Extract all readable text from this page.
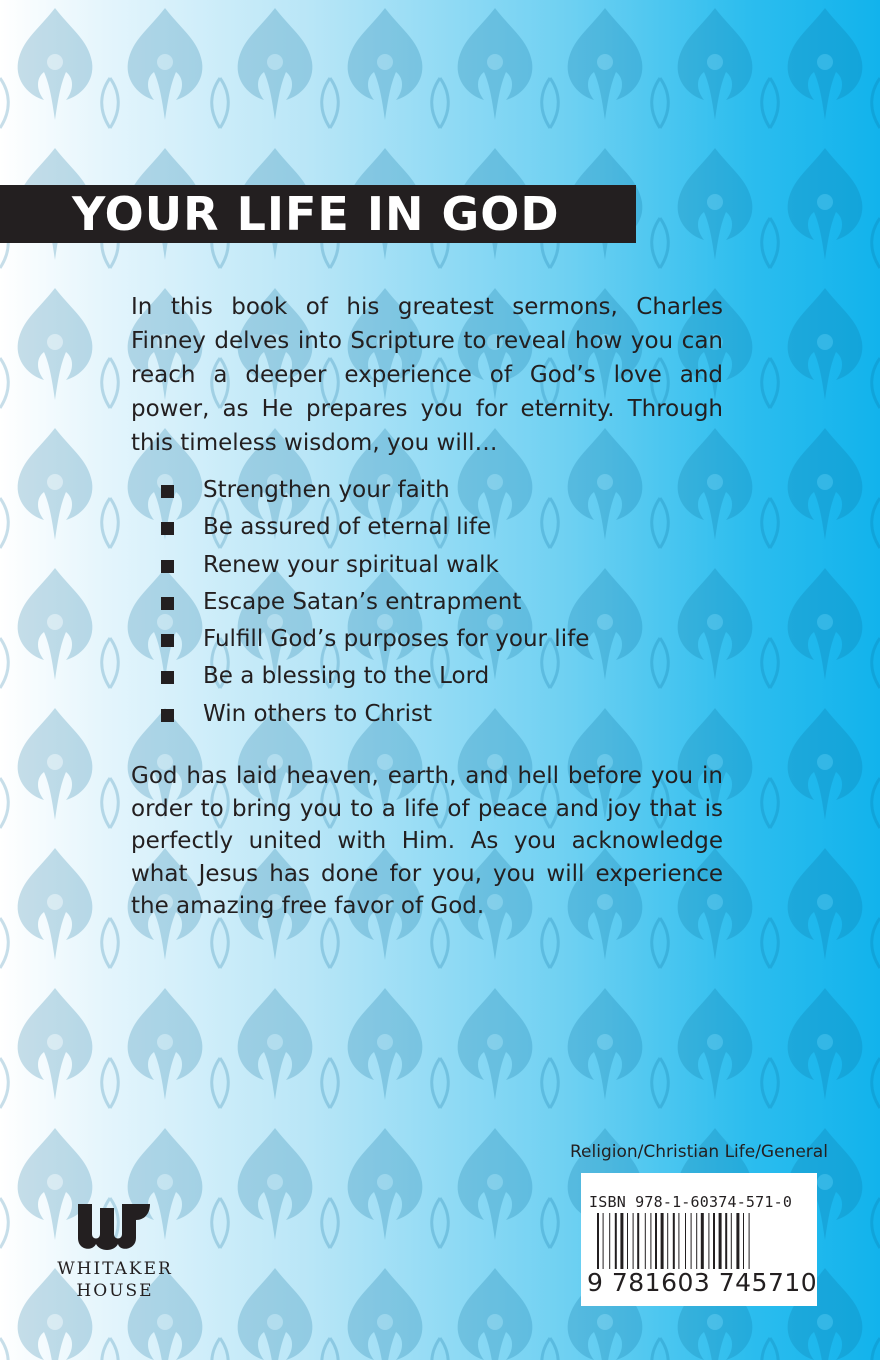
YOUR LIFE IN GOD

In this book of his greatest sermons, Charles Finney delves into Scripture to reveal how you can reach a deeper experience of God’s love and power, as He prepares you for eternity. Through this timeless wisdom, you will…

Strengthen your faith
Be assured of eternal life
Renew your spiritual walk
Escape Satan’s entrapment
Fulfill God’s purposes for your life
Be a blessing to the Lord
Win others to Christ

God has laid heaven, earth, and hell before you in order to bring you to a life of peace and joy that is perfectly united with Him. As you acknowledge what Jesus has done for you, you will experience the amazing free favor of God.

Religion/Christian Life/General
ISBN 978-1-60374-571-0
9 781603 745710
WHITAKER
HOUSE
